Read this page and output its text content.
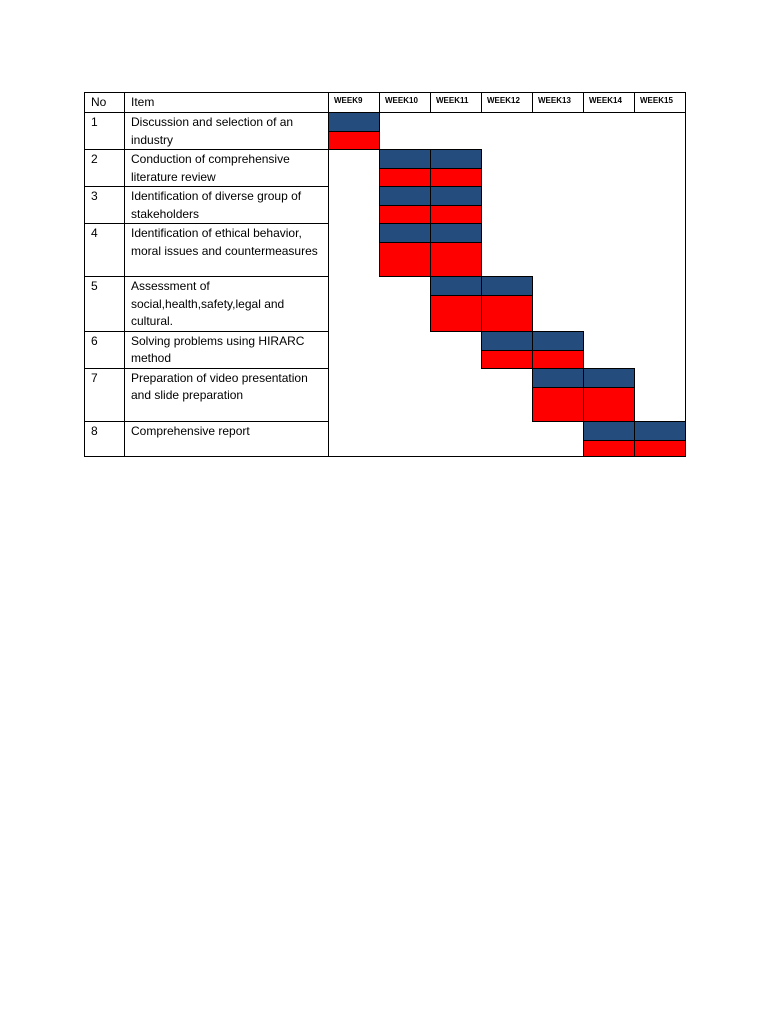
No	Item	WEEK9	WEEK10	WEEK11	WEEK12	WEEK13	WEEK14	WEEK15
1	Discussion and selection of an industry	

2	Conduction of comprehensive literature review		

3	Identification of diverse group of stakeholders		

4	Identification of ethical behavior, moral issues and countermeasures		

5	Assessment of social,health,safety,legal and cultural.			

6	Solving problems using HIRARC method				

7	Preparation of video presentation and slide preparation					

8	Comprehensive report						
